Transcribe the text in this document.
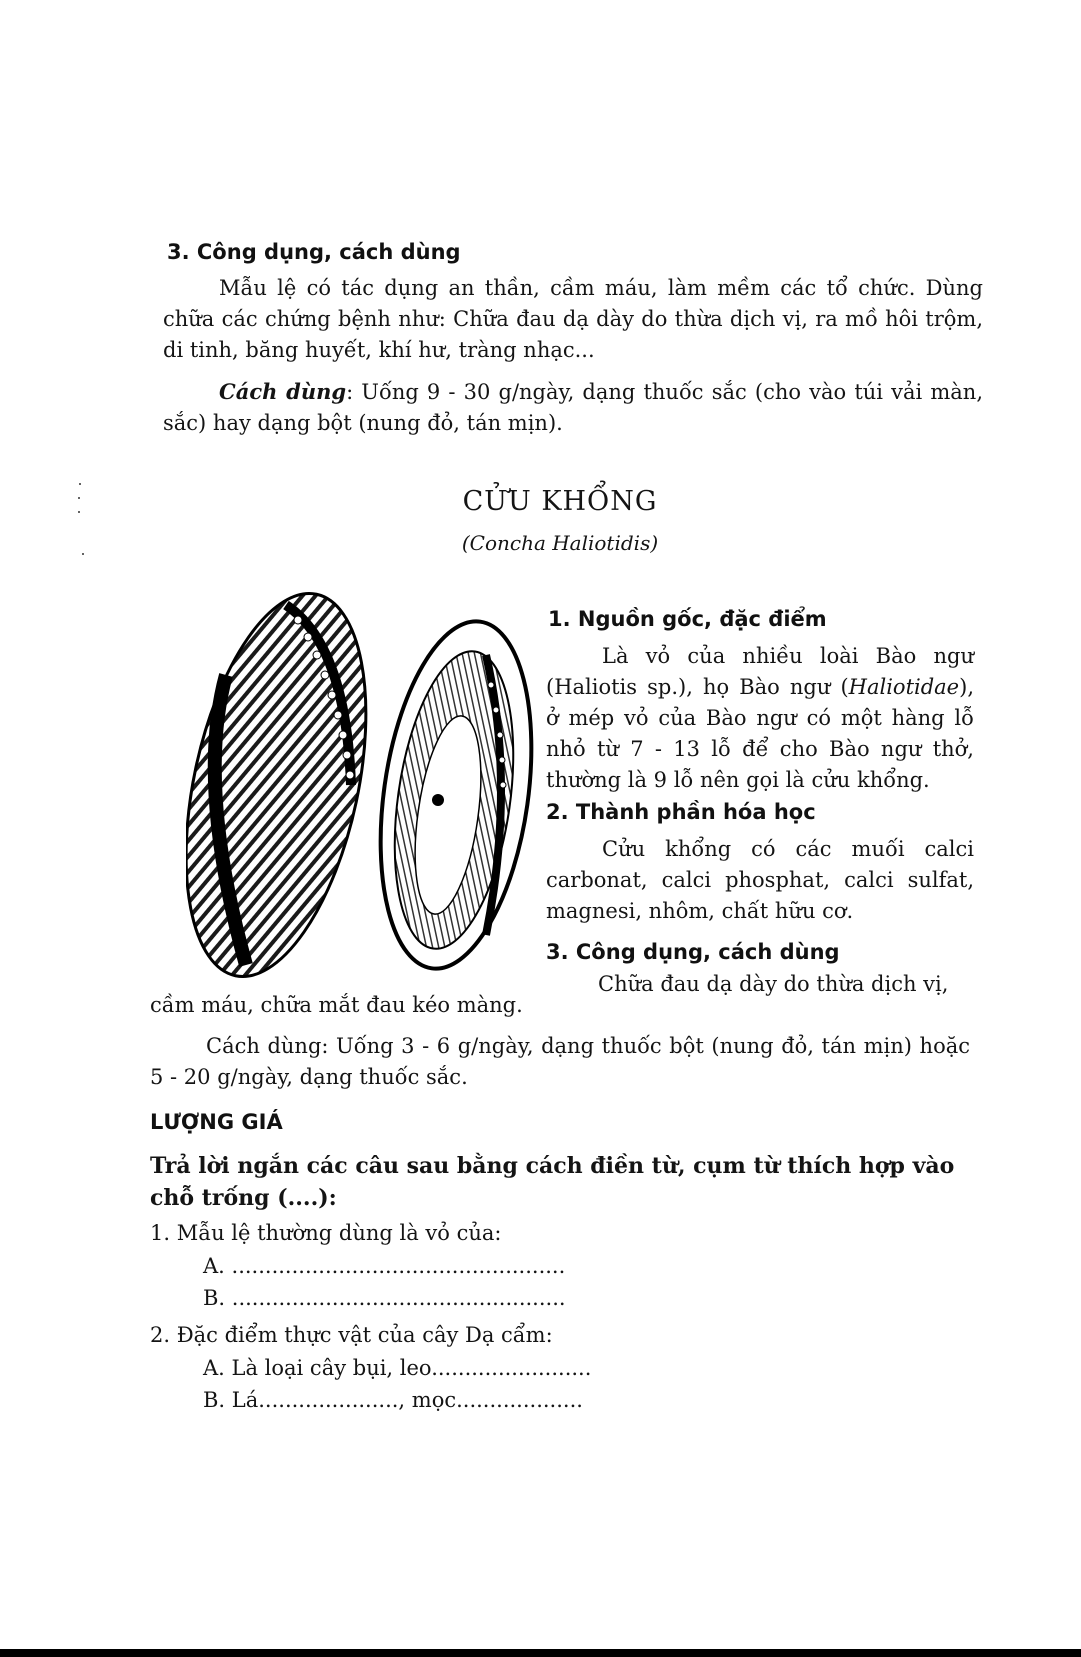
3. Công dụng, cách dùng

Mẫu lệ có tác dụng an thần, cầm máu, làm mềm các tổ chức. Dùng chữa các chứng bệnh như: Chữa đau dạ dày do thừa dịch vị, ra mồ hôi trộm, di tinh, băng huyết, khí hư, tràng nhạc...

Cách dùng: Uống 9 - 30 g/ngày, dạng thuốc sắc (cho vào túi vải màn, sắc) hay dạng bột (nung đỏ, tán mịn).

CỬU KHỔNG
(Concha Haliotidis)
1. Nguồn gốc, đặc điểm

Là vỏ của nhiều loài Bào ngư (Haliotis sp.), họ Bào ngư (Haliotidae), ở mép vỏ của Bào ngư có một hàng lỗ nhỏ từ 7 - 13 lỗ để cho Bào ngư thở, thường là 9 lỗ nên gọi là cửu khổng.

2. Thành phần hóa học

Cửu khổng có các muối calci carbonat, calci phosphat, calci sulfat, magnesi, nhôm, chất hữu cơ.

3. Công dụng, cách dùng
Chữa đau dạ dày do thừa dịch vị,
cầm máu, chữa mắt đau kéo màng.

Cách dùng: Uống 3 - 6 g/ngày, dạng thuốc bột (nung đỏ, tán mịn) hoặc 5 - 20 g/ngày, dạng thuốc sắc.

LƯỢNG GIÁ
Trả lời ngắn các câu sau bằng cách điền từ, cụm từ thích hợp vào chỗ trống (....):
1. Mẫu lệ thường dùng là vỏ của:
A. ..................................................
B. ..................................................
2. Đặc điểm thực vật của cây Dạ cẩm:
A. Là loại cây bụi, leo........................
B. Lá....................., mọc...................
